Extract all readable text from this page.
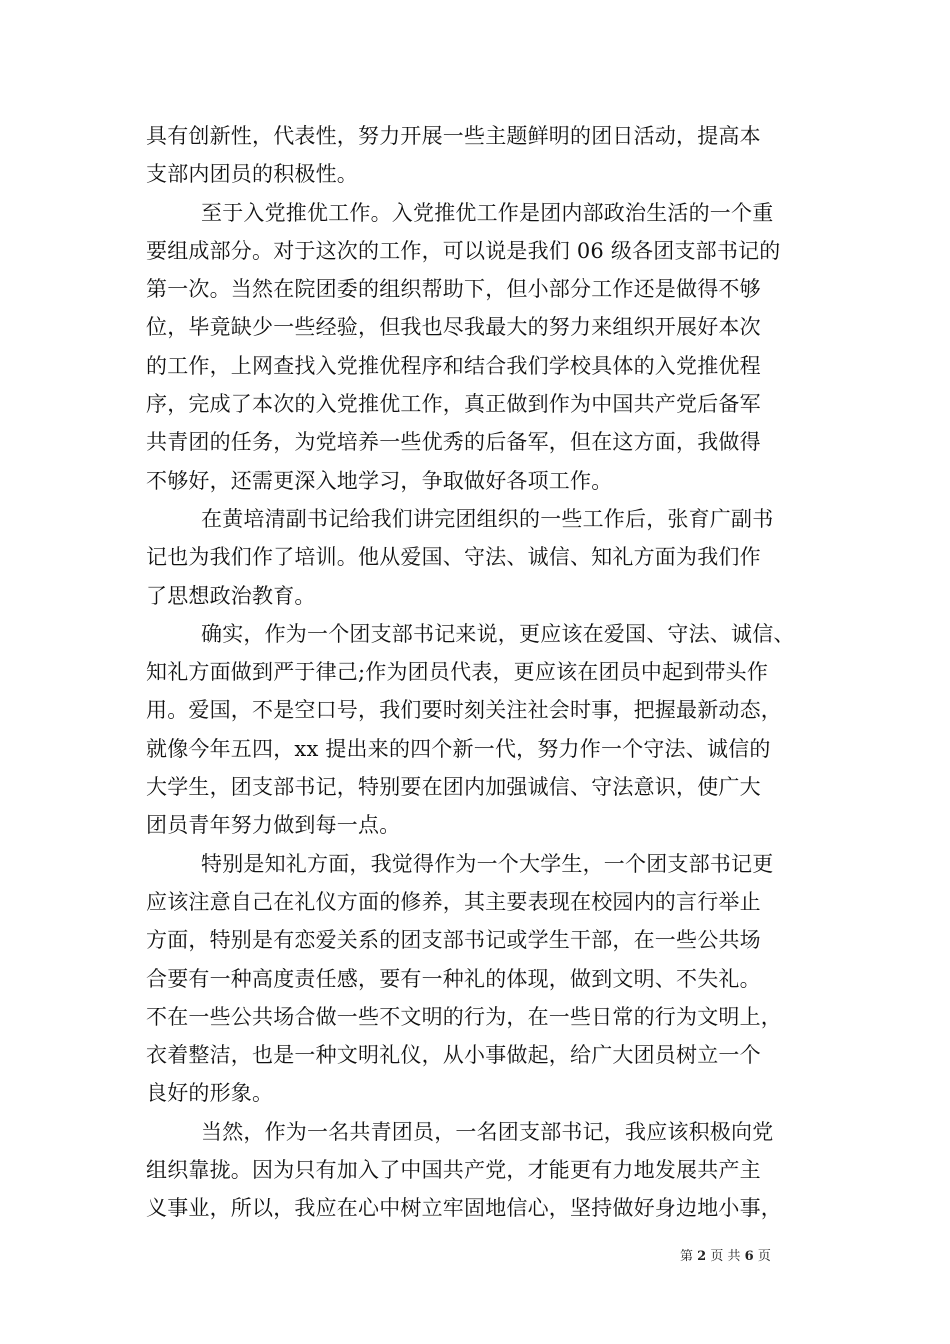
具有创新性，代表性，努力开展一些主题鲜明的团日活动，提高本
支部内团员的积极性。
至于入党推优工作。入党推优工作是团内部政治生活的一个重
要组成部分。对于这次的工作，可以说是我们 06 级各团支部书记的
第一次。当然在院团委的组织帮助下，但小部分工作还是做得不够
位，毕竟缺少一些经验，但我也尽我最大的努力来组织开展好本次
的工作，上网查找入党推优程序和结合我们学校具体的入党推优程
序，完成了本次的入党推优工作，真正做到作为中国共产党后备军
共青团的任务，为党培养一些优秀的后备军，但在这方面，我做得
不够好，还需更深入地学习，争取做好各项工作。
在黄培清副书记给我们讲完团组织的一些工作后，张育广副书
记也为我们作了培训。他从爱国、守法、诚信、知礼方面为我们作
了思想政治教育。
确实，作为一个团支部书记来说，更应该在爱国、守法、诚信、
知礼方面做到严于律己;作为团员代表，更应该在团员中起到带头作
用。爱国，不是空口号，我们要时刻关注社会时事，把握最新动态，
就像今年五四，xx 提出来的四个新一代，努力作一个守法、诚信的
大学生，团支部书记，特别要在团内加强诚信、守法意识，使广大
团员青年努力做到每一点。
特别是知礼方面，我觉得作为一个大学生，一个团支部书记更
应该注意自己在礼仪方面的修养，其主要表现在校园内的言行举止
方面，特别是有恋爱关系的团支部书记或学生干部，在一些公共场
合要有一种高度责任感，要有一种礼的体现，做到文明、不失礼。
不在一些公共场合做一些不文明的行为，在一些日常的行为文明上，
衣着整洁，也是一种文明礼仪，从小事做起，给广大团员树立一个
良好的形象。
当然，作为一名共青团员，一名团支部书记，我应该积极向党
组织靠拢。因为只有加入了中国共产党，才能更有力地发展共产主
义事业，所以，我应在心中树立牢固地信心，坚持做好身边地小事，
第 2 页 共 6 页
